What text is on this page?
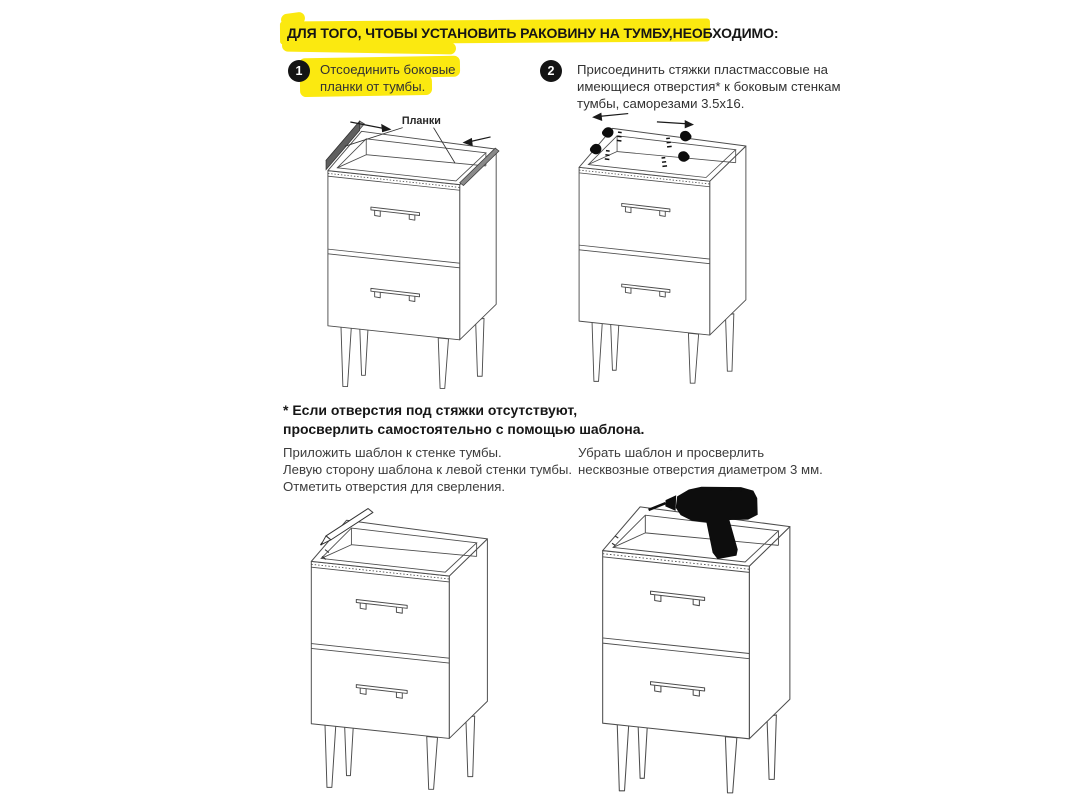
ДЛЯ ТОГО, ЧТОБЫ УСТАНОВИТЬ РАКОВИНУ НА ТУМБУ,НЕОБХОДИМО:
1	Отсоединить боковые
планки от тумбы.
2	Присоединить стяжки пластмассовые на
имеющиеся отверстия* к боковым стенкам
тумбы, саморезами 3.5х16.
Планки
* Если отверстия под стяжки отсутствуют,
просверлить самостоятельно с помощью шаблона.
Приложить шаблон к стенке тумбы.
Левую сторону шаблона к левой стенки тумбы.
Отметить отверстия для сверления.
Убрать шаблон и просверлить
несквозные отверстия диаметром 3 мм.
